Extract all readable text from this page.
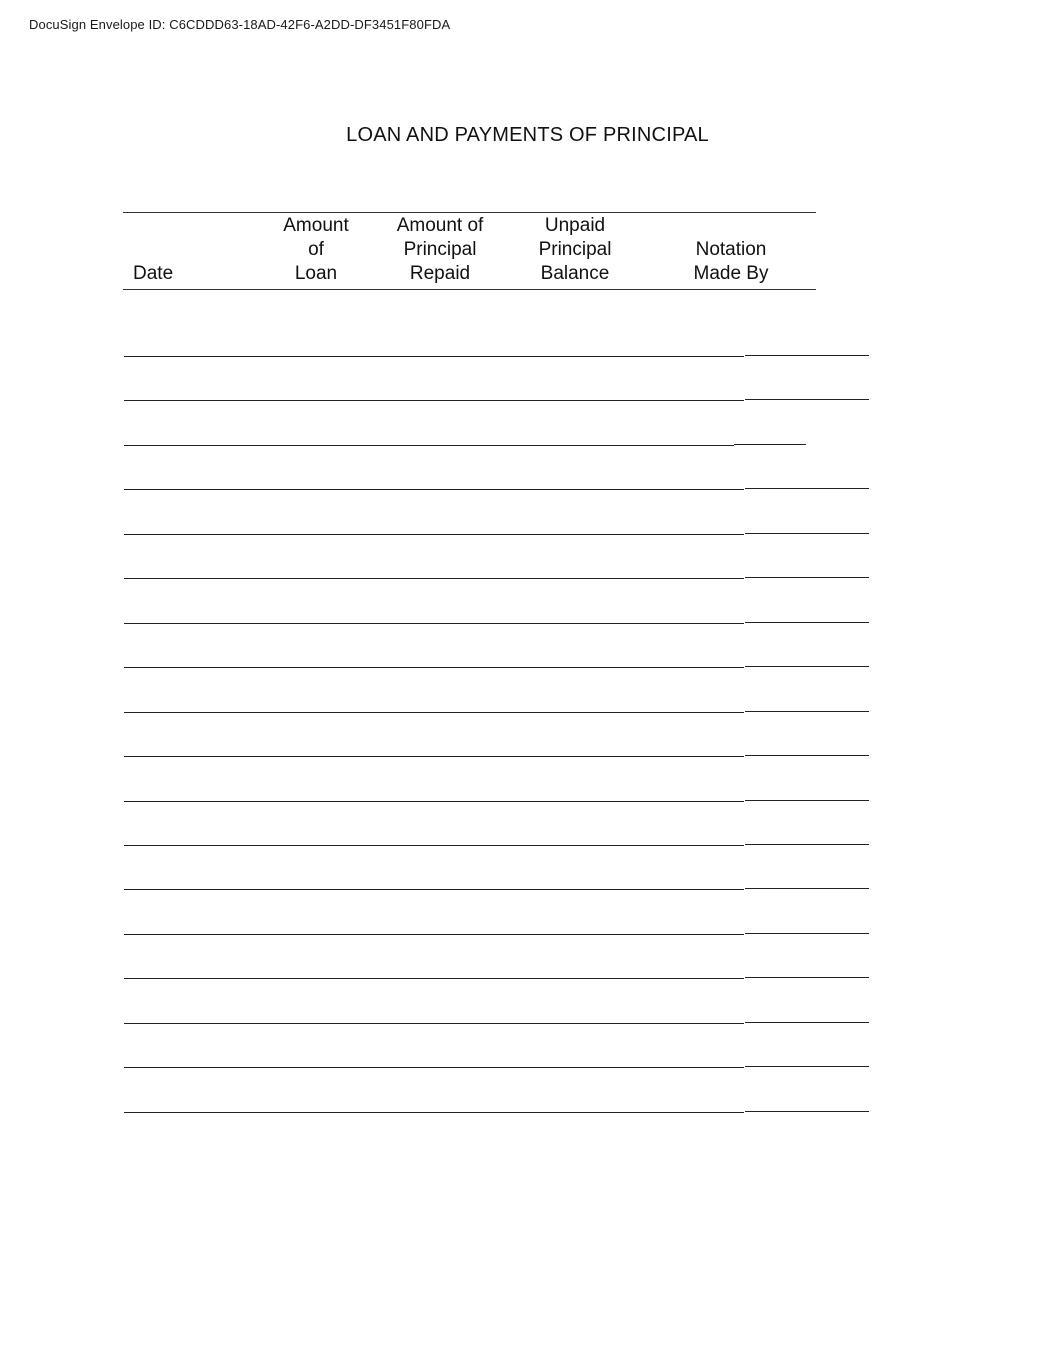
DocuSign Envelope ID: C6CDDD63-18AD-42F6-A2DD-DF3451F80FDA
LOAN AND PAYMENTS OF PRINCIPAL
Date
Amount
of
Loan
Amount of
Principal
Repaid
Unpaid
Principal
Balance
Notation
Made By
